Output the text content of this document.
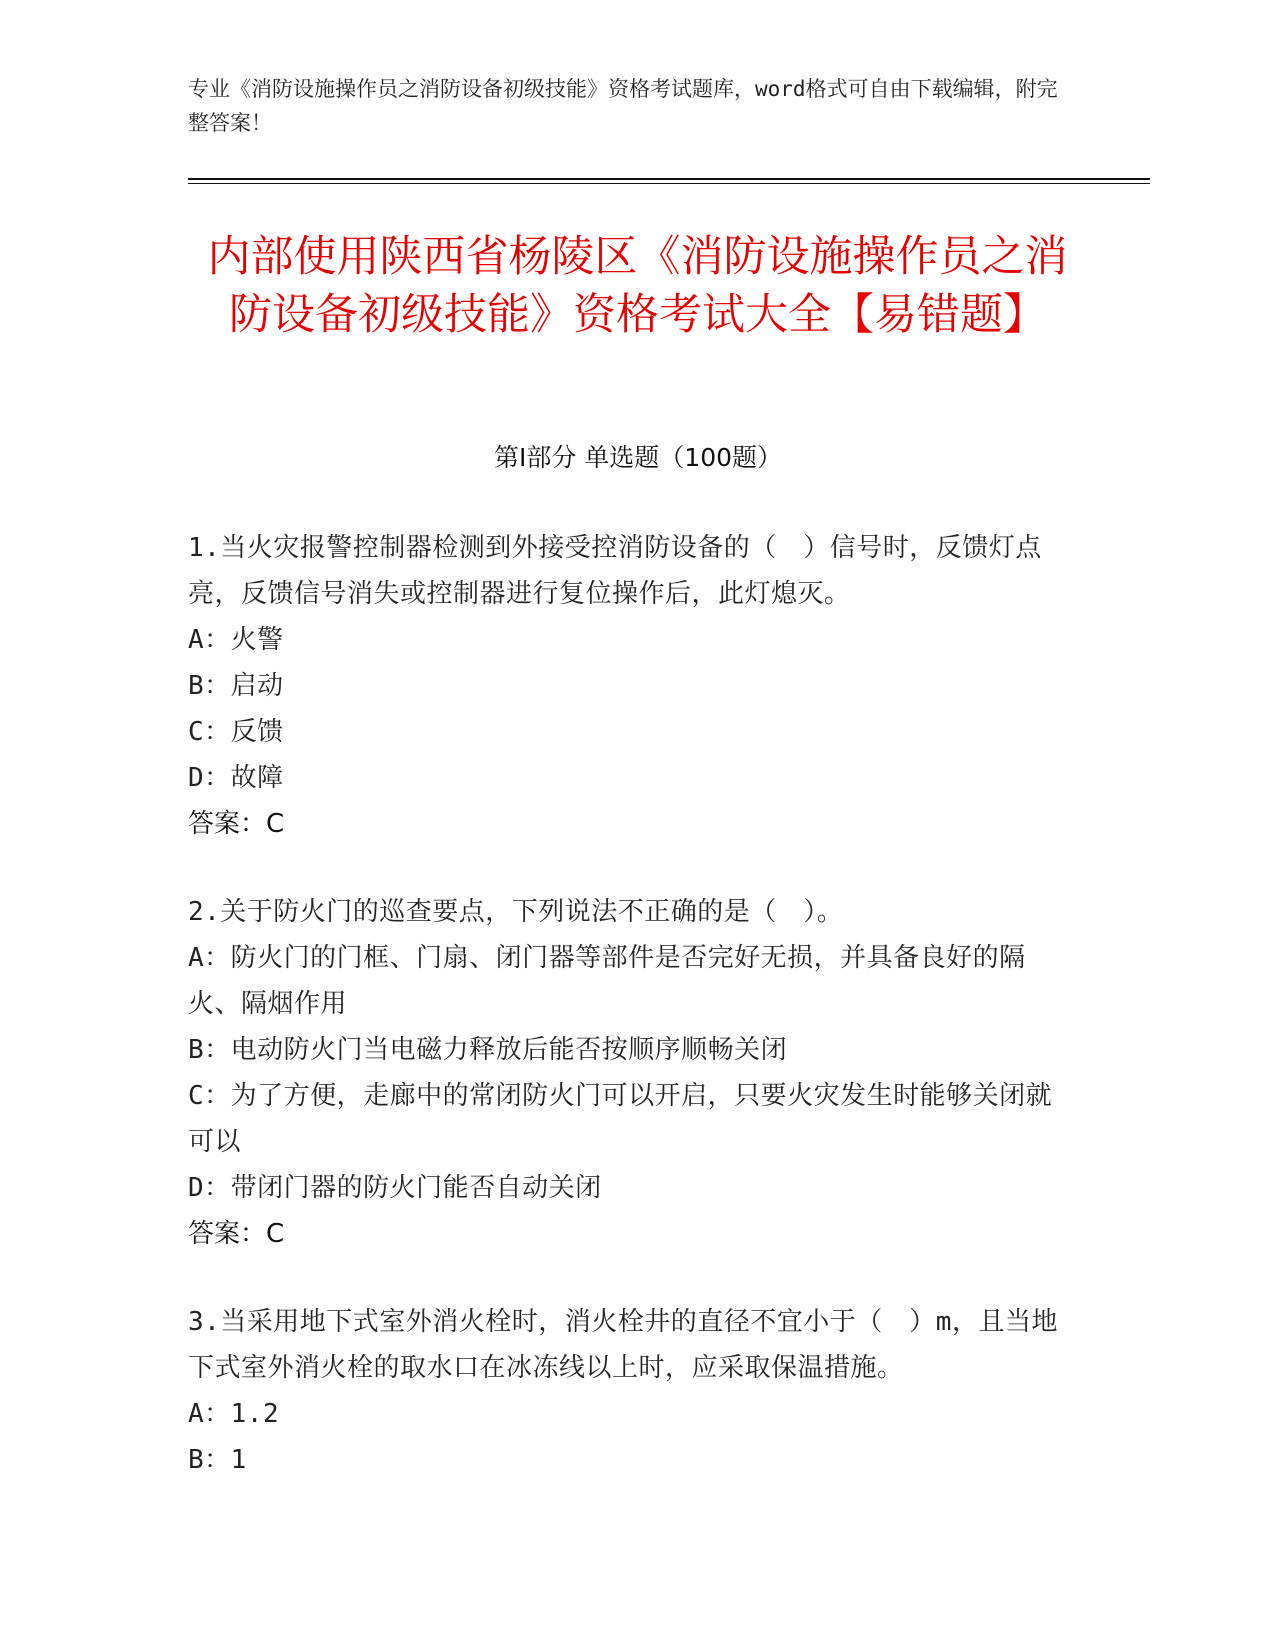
专业《消防设施操作员之消防设备初级技能》资格考试题库，word格式可自由下载编辑，附完整答案！
内部使用陕西省杨陵区《消防设施操作员之消防设备初级技能》资格考试大全【易错题】
第Ⅰ部分 单选题（100题）
1.当火灾报警控制器检测到外接受控消防设备的（　）信号时，反馈灯点亮，反馈信号消失或控制器进行复位操作后，此灯熄灭。
A：火警
B：启动
C：反馈
D：故障
答案：C
2.关于防火门的巡查要点，下列说法不正确的是（　）。
A：防火门的门框、门扇、闭门器等部件是否完好无损，并具备良好的隔火、隔烟作用
B：电动防火门当电磁力释放后能否按顺序顺畅关闭
C：为了方便，走廊中的常闭防火门可以开启，只要火灾发生时能够关闭就可以
D：带闭门器的防火门能否自动关闭
答案：C
3.当采用地下式室外消火栓时，消火栓井的直径不宜小于（　）m，且当地下式室外消火栓的取水口在冰冻线以上时，应采取保温措施。
A：1.2
B：1
